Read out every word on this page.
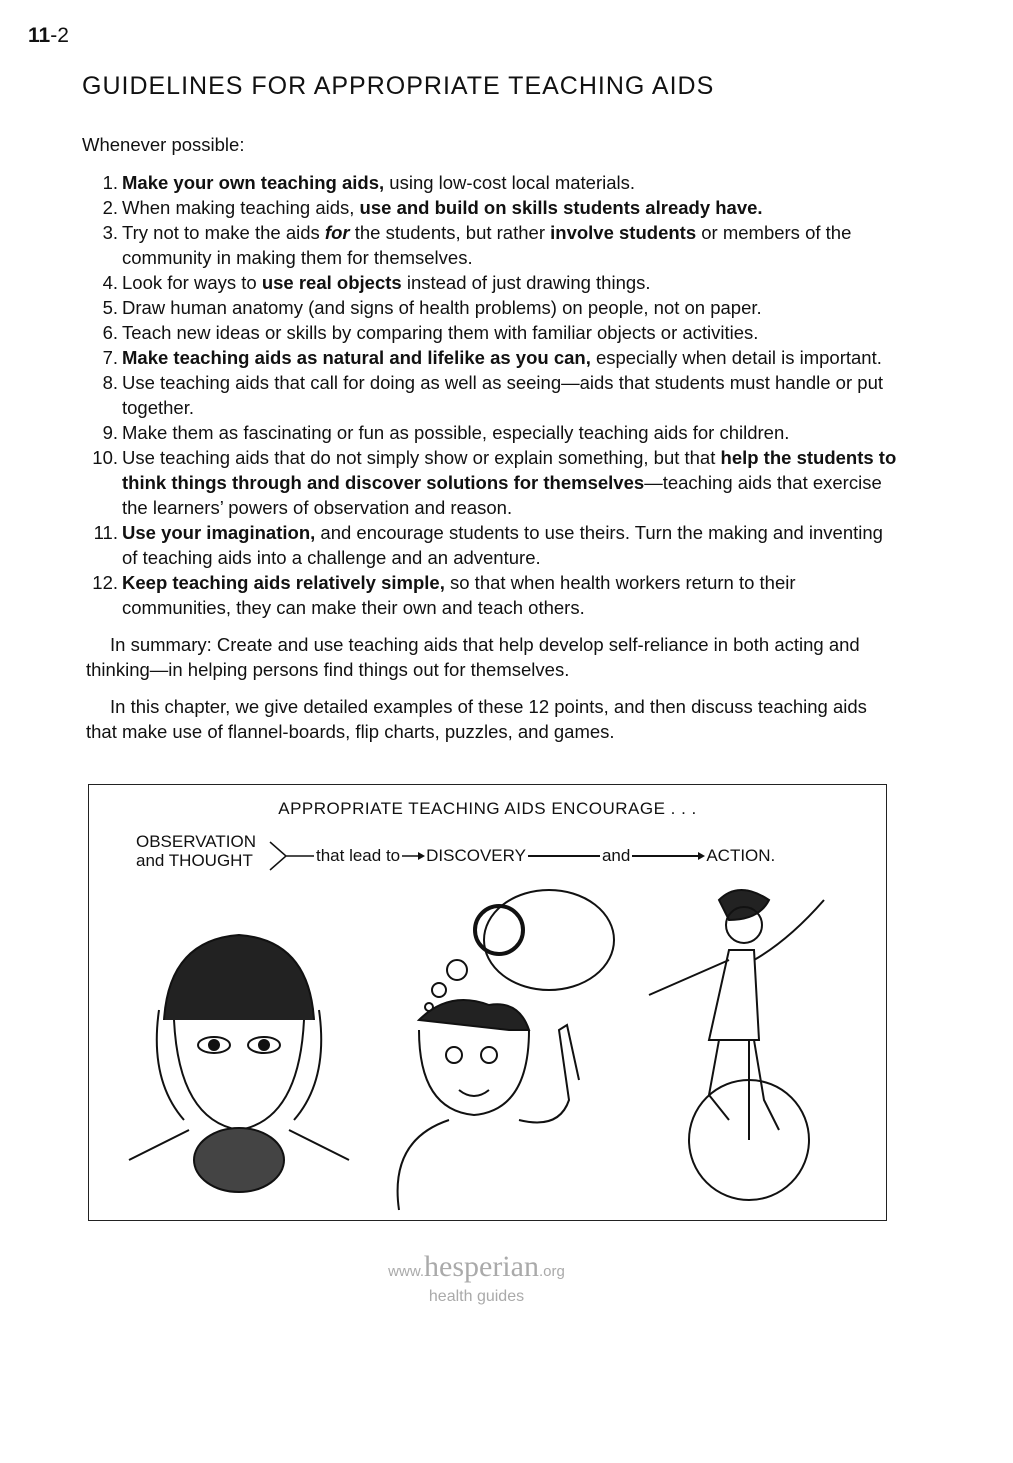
11-2
GUIDELINES FOR APPROPRIATE TEACHING AIDS
Whenever possible:
1. Make your own teaching aids, using low-cost local materials.
2. When making teaching aids, use and build on skills students already have.
3. Try not to make the aids for the students, but rather involve students or members of the community in making them for themselves.
4. Look for ways to use real objects instead of just drawing things.
5. Draw human anatomy (and signs of health problems) on people, not on paper.
6. Teach new ideas or skills by comparing them with familiar objects or activities.
7. Make teaching aids as natural and lifelike as you can, especially when detail is important.
8. Use teaching aids that call for doing as well as seeing—aids that students must handle or put together.
9. Make them as fascinating or fun as possible, especially teaching aids for children.
10. Use teaching aids that do not simply show or explain something, but that help the students to think things through and discover solutions for themselves—teaching aids that exercise the learners’ powers of observation and reason.
11. Use your imagination, and encourage students to use theirs. Turn the making and inventing of teaching aids into a challenge and an adventure.
12. Keep teaching aids relatively simple, so that when health workers return to their communities, they can make their own and teach others.
In summary: Create and use teaching aids that help develop self-reliance in both acting and thinking—in helping persons find things out for themselves.
In this chapter, we give detailed examples of these 12 points, and then discuss teaching aids that make use of flannel-boards, flip charts, puzzles, and games.
APPROPRIATE TEACHING AIDS ENCOURAGE . . .
OBSERVATION
and THOUGHT	that lead to DISCOVERY	and	ACTION.
www.hesperian.org
health guides
